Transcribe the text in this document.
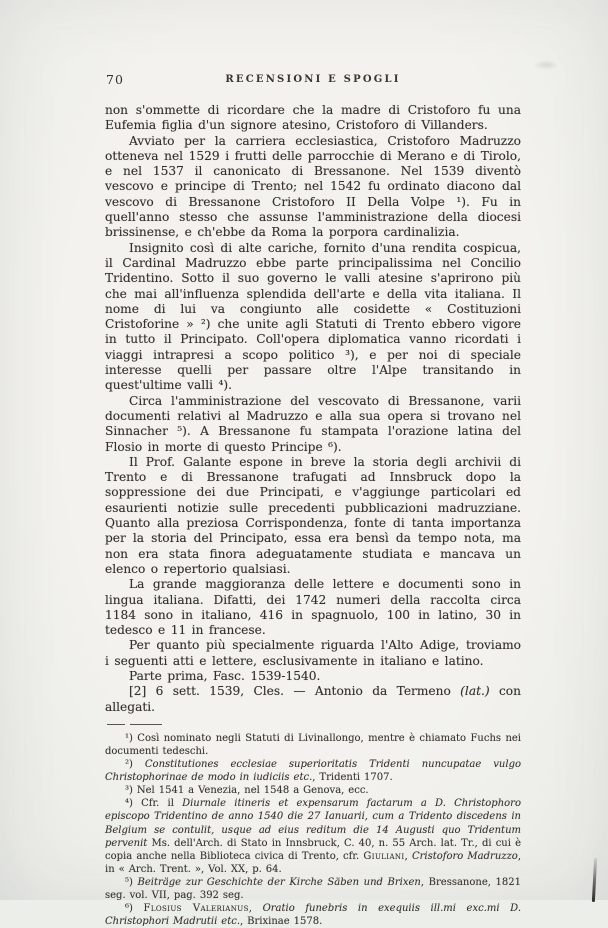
70	RECENSIONI E SPOGLI

non s'ommette di ricordare che la madre di Cristoforo fu una Eufemia figlia d'un signore atesino, Cristoforo di Villanders.

Avviato per la carriera ecclesiastica, Cristoforo Madruzzo otteneva nel 1529 i frutti delle parrocchie di Merano e di Tirolo, e nel 1537 il canonicato di Bressanone. Nel 1539 diventò vescovo e principe di Trento; nel 1542 fu ordinato diacono dal vescovo di Bressanone Cristoforo II Della Volpe ¹). Fu in quell'anno stesso che assunse l'amministrazione della diocesi brissinense, e ch'ebbe da Roma la porpora cardinalizia.

Insignito così di alte cariche, fornito d'una rendita cospicua, il Cardinal Madruzzo ebbe parte principalissima nel Concilio Tridentino. Sotto il suo governo le valli atesine s'aprirono più che mai all'influenza splendida dell'arte e della vita italiana. Il nome di lui va congiunto alle cosidette « Costituzioni Cristoforine » ²) che unite agli Statuti di Trento ebbero vigore in tutto il Principato. Coll'opera diplomatica vanno ricordati i viaggi intrapresi a scopo politico ³), e per noi di speciale interesse quelli per passare oltre l'Alpe transitando in quest'ultime valli ⁴).

Circa l'amministrazione del vescovato di Bressanone, varii documenti relativi al Madruzzo e alla sua opera si trovano nel Sinnacher ⁵). A Bressanone fu stampata l'orazione latina del Flosio in morte di questo Principe ⁶).

Il Prof. Galante espone in breve la storia degli archivii di Trento e di Bressanone trafugati ad Innsbruck dopo la soppressione dei due Principati, e v'aggiunge particolari ed esaurienti notizie sulle precedenti pubblicazioni madruzziane. Quanto alla preziosa Corrispondenza, fonte di tanta importanza per la storia del Principato, essa era bensì da tempo nota, ma non era stata finora adeguatamente studiata e mancava un elenco o repertorio qualsiasi.

La grande maggioranza delle lettere e documenti sono in lingua italiana. Difatti, dei 1742 numeri della raccolta circa 1184 sono in italiano, 416 in spagnuolo, 100 in latino, 30 in tedesco e 11 in francese.

Per quanto più specialmente riguarda l'Alto Adige, troviamo i seguenti atti e lettere, esclusivamente in italiano e latino.

Parte prima, Fasc. 1539-1540.

[2] 6 sett. 1539, Cles. — Antonio da Termeno (lat.) con allegati.

¹) Così nominato negli Statuti di Livinallongo, mentre è chiamato Fuchs nei documenti tedeschi.

²) Constitutiones ecclesiae superioritatis Tridenti nuncupatae vulgo Christophorinae de modo in iudiciis etc., Tridenti 1707.

³) Nel 1541 a Venezia, nel 1548 a Genova, ecc.

⁴) Cfr. il Diurnale itineris et expensarum factarum a D. Christophoro episcopo Tridentino de anno 1540 die 27 Ianuarii, cum a Tridento discedens in Belgium se contulit, usque ad eius reditum die 14 Augusti quo Tridentum pervenit Ms. dell'Arch. di Stato in Innsbruck, C. 40, n. 55 Arch. lat. Tr., di cui è copia anche nella Biblioteca civica di Trento, cfr. Giuliani, Cristoforo Madruzzo, in « Arch. Trent. », Vol. XX, p. 64.

⁵) Beiträge zur Geschichte der Kirche Säben und Brixen, Bressanone, 1821 seg. vol. VII, pag. 392 seg.

⁶) Flosius Valerianus, Oratio funebris in exequiis ill.mi exc.mi D. Christophori Madrutii etc., Brixinae 1578.
